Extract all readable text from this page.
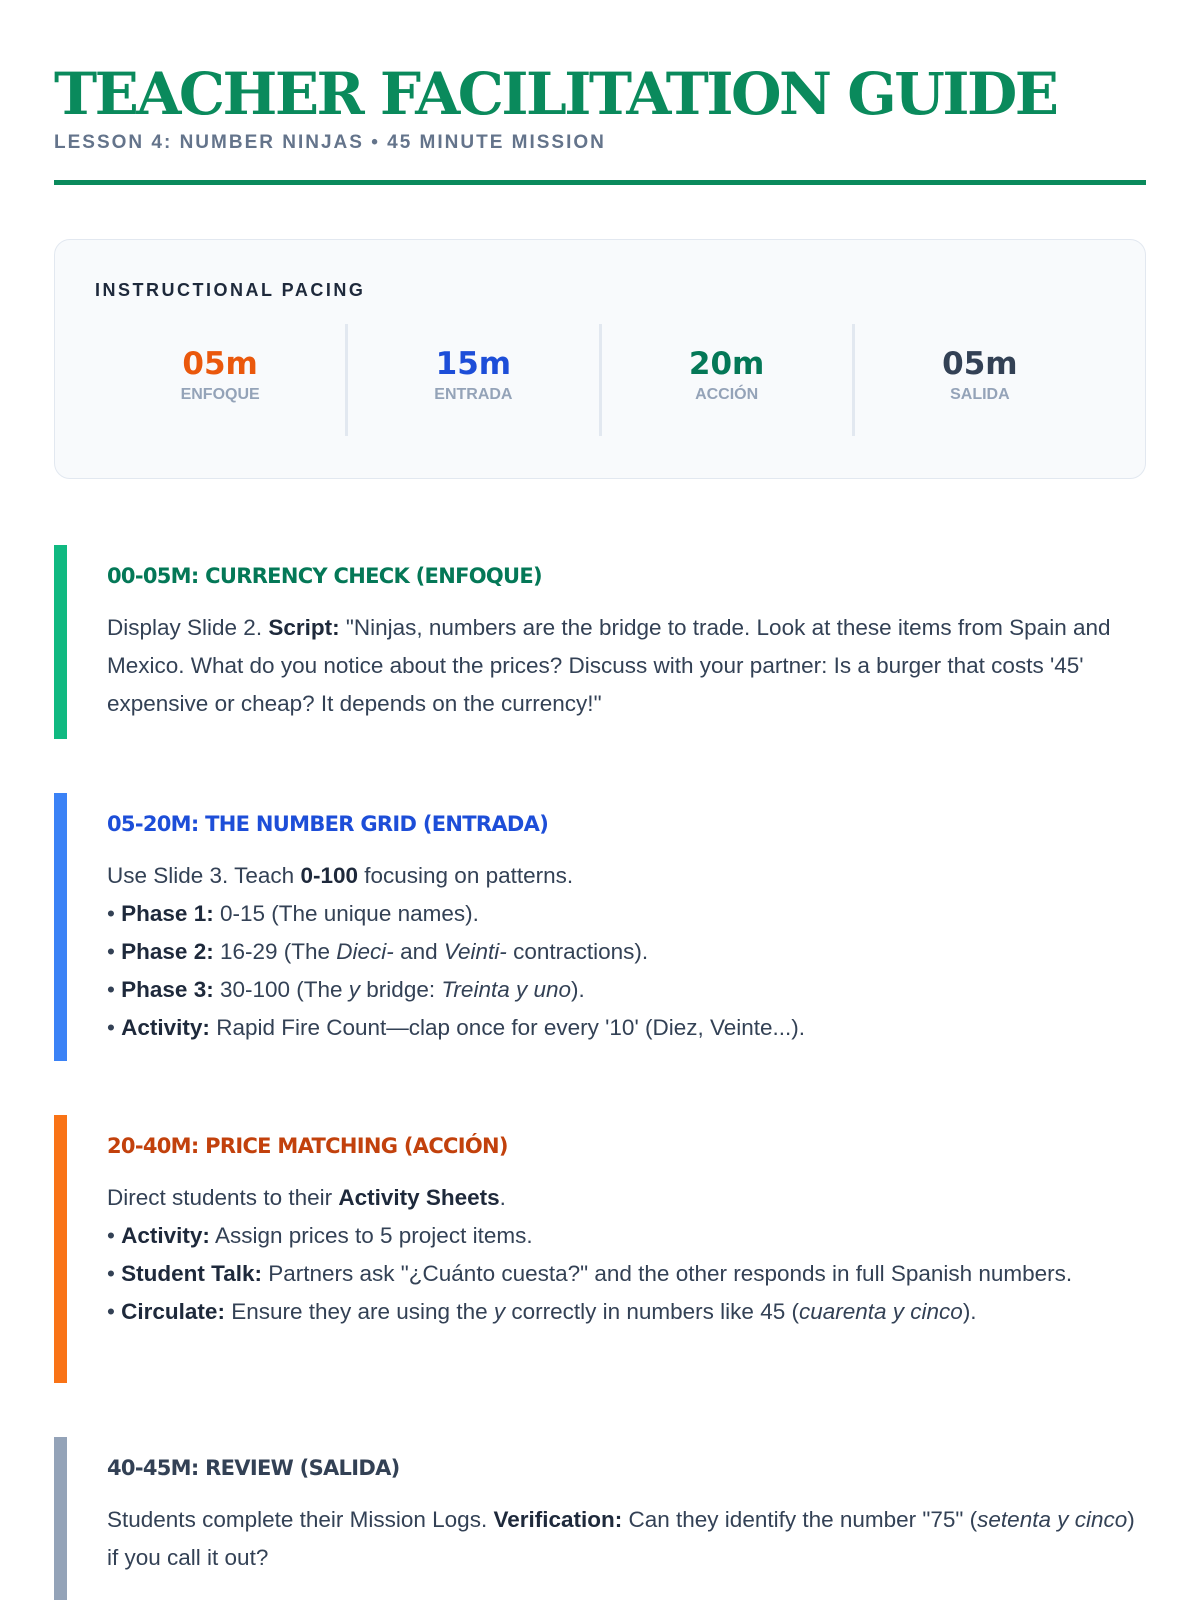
TEACHER FACILITATION GUIDE
LESSON 4: NUMBER NINJAS • 45 MINUTE MISSION
INSTRUCTIONAL PACING
05m
ENFOQUE
15m
ENTRADA
20m
ACCIÓN
05m
SALIDA
00-05M: CURRENCY CHECK (ENFOQUE)
Display Slide 2. Script: "Ninjas, numbers are the bridge to trade. Look at these items from Spain and Mexico. What do you notice about the prices? Discuss with your partner: Is a burger that costs '45' expensive or cheap? It depends on the currency!"
05-20M: THE NUMBER GRID (ENTRADA)
Use Slide 3. Teach 0-100 focusing on patterns.
• Phase 1: 0-15 (The unique names).
• Phase 2: 16-29 (The Dieci- and Veinti- contractions).
• Phase 3: 30-100 (The y bridge: Treinta y uno).
• Activity: Rapid Fire Count—clap once for every '10' (Diez, Veinte...).
20-40M: PRICE MATCHING (ACCIÓN)
Direct students to their Activity Sheets.
• Activity: Assign prices to 5 project items.
• Student Talk: Partners ask "¿Cuánto cuesta?" and the other responds in full Spanish numbers.
• Circulate: Ensure they are using the y correctly in numbers like 45 (cuarenta y cinco).
40-45M: REVIEW (SALIDA)
Students complete their Mission Logs. Verification: Can they identify the number "75" (setenta y cinco) if you call it out?
